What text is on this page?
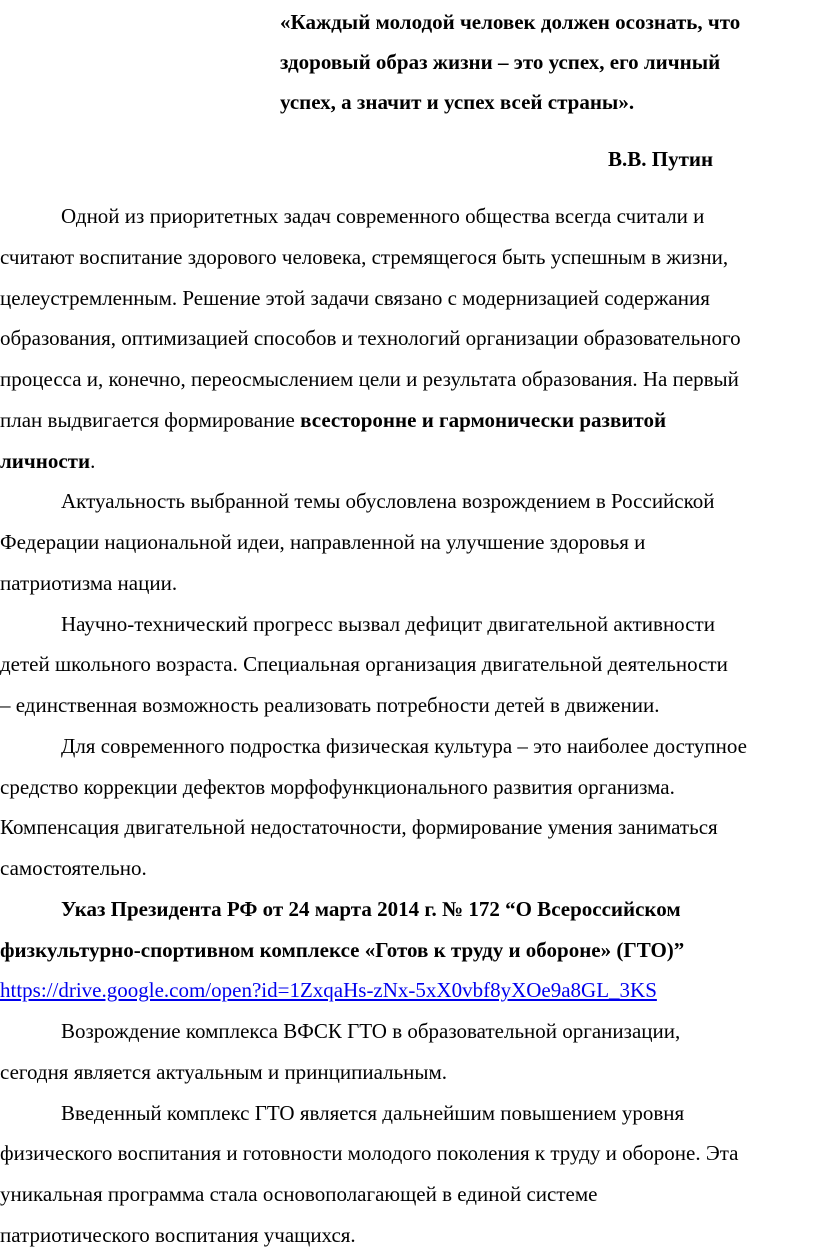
«Каждый молодой человек должен осознать, что
здоровый образ жизни – это успех, его личный
успех, а значит и успех всей страны».
В.В. Путин
Одной из приоритетных задач современного общества всегда считали и
считают воспитание здорового человека, стремящегося быть успешным в жизни,
целеустремленным. Решение этой задачи связано с модернизацией содержания
образования, оптимизацией способов и технологий организации образовательного
процесса и, конечно, переосмыслением цели и результата образования. На первый
план выдвигается формирование всесторонне и гармонически развитой
личности.
Актуальность выбранной темы обусловлена возрождением в Российской
Федерации национальной идеи, направленной на улучшение здоровья и
патриотизма нации.
Научно-технический прогресс вызвал дефицит двигательной активности
детей школьного возраста. Специальная организация двигательной деятельности
– единственная возможность реализовать потребности детей в движении.
Для современного подростка физическая культура – это наиболее доступное
средство коррекции дефектов морфофункционального развития организма.
Компенсация двигательной недостаточности, формирование умения заниматься
самостоятельно.
Указ Президента РФ от 24 марта 2014 г. № 172 “О Всероссийском
физкультурно-спортивном комплексе «Готов к труду и обороне» (ГТО)”
https://drive.google.com/open?id=1ZxqaHs-zNx-5xX0vbf8yXOe9a8GL_3KS
Возрождение комплекса ВФСК ГТО в образовательной организации,
сегодня является актуальным и принципиальным.
Введенный комплекс ГТО является дальнейшим повышением уровня
физического воспитания и готовности молодого поколения к труду и обороне. Эта
уникальная программа стала основополагающей в единой системе
патриотического воспитания учащихся.
